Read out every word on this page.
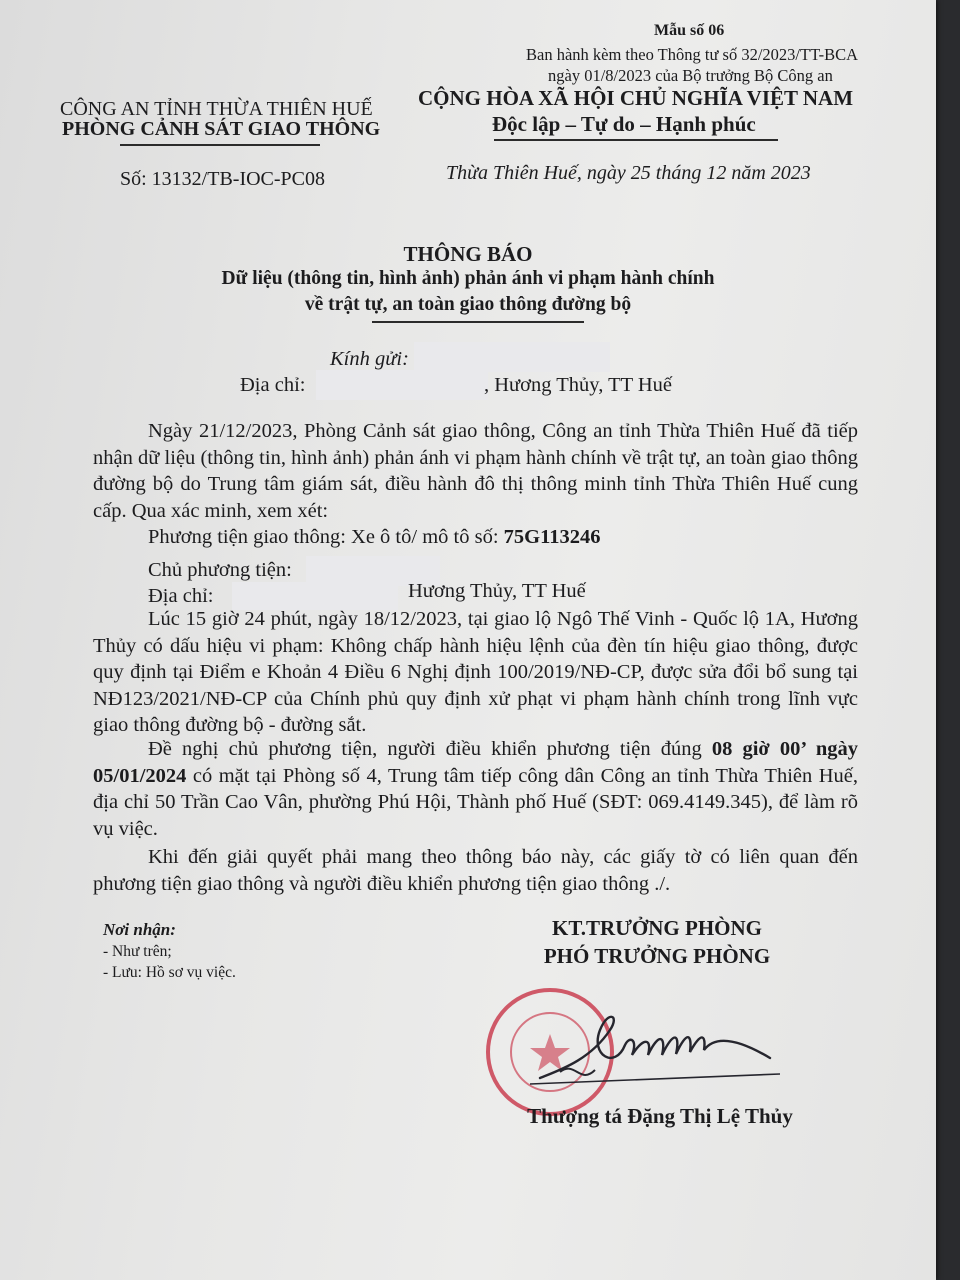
Mẫu số 06
Ban hành kèm theo Thông tư số 32/2023/TT-BCA
ngày 01/8/2023 của Bộ trưởng Bộ Công an
CÔNG AN TỈNH THỪA THIÊN HUẾ
PHÒNG CẢNH SÁT GIAO THÔNG
Số: 13132/TB-IOC-PC08
CỘNG HÒA XÃ HỘI CHỦ NGHĨA VIỆT NAM
Độc lập – Tự do – Hạnh phúc
Thừa Thiên Huế, ngày 25 tháng 12 năm 2023
THÔNG BÁO
Dữ liệu (thông tin, hình ảnh) phản ánh vi phạm hành chính
về trật tự, an toàn giao thông đường bộ
Kính gửi:
Địa chỉ:	, Hương Thủy, TT Huế
Ngày 21/12/2023, Phòng Cảnh sát giao thông, Công an tỉnh Thừa Thiên Huế đã tiếp nhận dữ liệu (thông tin, hình ảnh) phản ánh vi phạm hành chính về trật tự, an toàn giao thông đường bộ do Trung tâm giám sát, điều hành đô thị thông minh tỉnh Thừa Thiên Huế cung cấp. Qua xác minh, xem xét:
Phương tiện giao thông: Xe ô tô/ mô tô số: 75G113246
Chủ phương tiện:
Địa chỉ:	Hương Thủy, TT Huế
Lúc 15 giờ 24 phút, ngày 18/12/2023, tại giao lộ Ngô Thế Vinh - Quốc lộ 1A, Hương Thủy có dấu hiệu vi phạm: Không chấp hành hiệu lệnh của đèn tín hiệu giao thông, được quy định tại Điểm e Khoản 4 Điều 6 Nghị định 100/2019/NĐ-CP, được sửa đổi bổ sung tại NĐ123/2021/NĐ-CP của Chính phủ quy định xử phạt vi phạm hành chính trong lĩnh vực giao thông đường bộ - đường sắt.
Đề nghị chủ phương tiện, người điều khiển phương tiện đúng 08 giờ 00’ ngày 05/01/2024 có mặt tại Phòng số 4, Trung tâm tiếp công dân Công an tỉnh Thừa Thiên Huế, địa chỉ 50 Trần Cao Vân, phường Phú Hội, Thành phố Huế (SĐT: 069.4149.345), để làm rõ vụ việc.
Khi đến giải quyết phải mang theo thông báo này, các giấy tờ có liên quan đến phương tiện giao thông và người điều khiển phương tiện giao thông ./.
Nơi nhận:
- Như trên;
- Lưu: Hồ sơ vụ việc.
KT.TRƯỞNG PHÒNG
PHÓ TRƯỞNG PHÒNG
Thượng tá Đặng Thị Lệ Thủy
